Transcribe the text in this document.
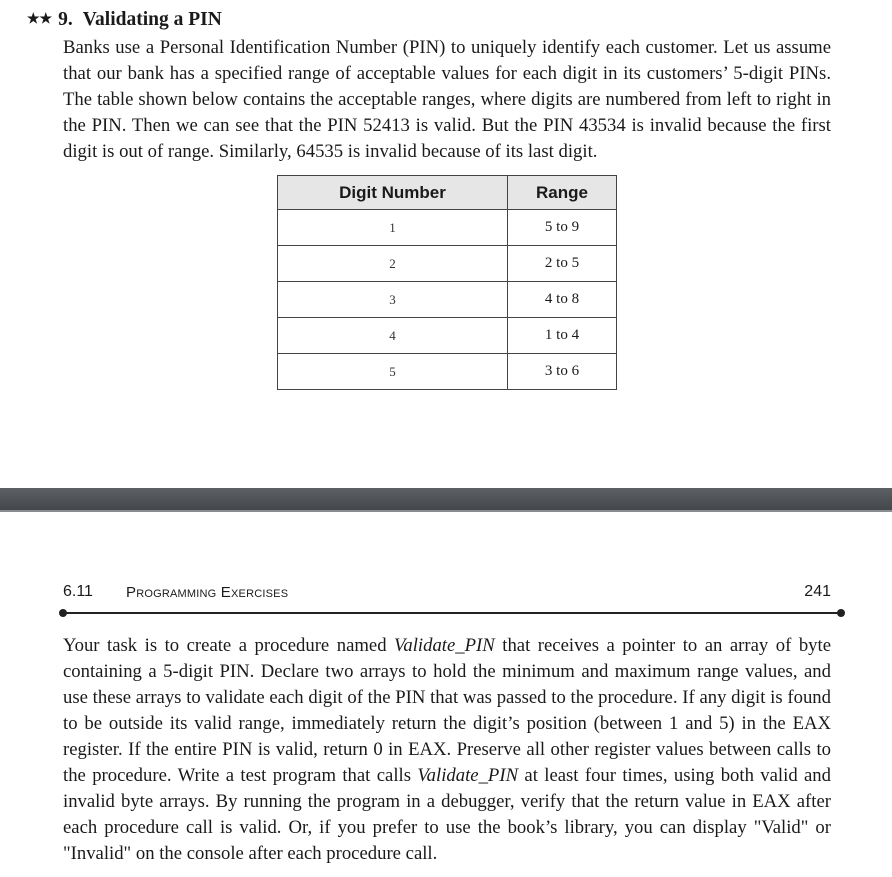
★★ 9. Validating a PIN
Banks use a Personal Identification Number (PIN) to uniquely identify each customer. Let us assume that our bank has a specified range of acceptable values for each digit in its customers’ 5-digit PINs. The table shown below contains the acceptable ranges, where digits are numbered from left to right in the PIN. Then we can see that the PIN 52413 is valid. But the PIN 43534 is invalid because the first digit is out of range. Similarly, 64535 is invalid because of its last digit.
Digit Number	Range
1	5 to 9
2	2 to 5
3	4 to 8
4	1 to 4
5	3 to 6
6.11 Programming Exercises	241
Your task is to create a procedure named Validate_PIN that receives a pointer to an array of byte containing a 5-digit PIN. Declare two arrays to hold the minimum and maximum range values, and use these arrays to validate each digit of the PIN that was passed to the procedure. If any digit is found to be outside its valid range, immediately return the digit’s position (between 1 and 5) in the EAX register. If the entire PIN is valid, return 0 in EAX. Preserve all other register values between calls to the procedure. Write a test program that calls Validate_PIN at least four times, using both valid and invalid byte arrays. By running the program in a debugger, verify that the return value in EAX after each procedure call is valid. Or, if you prefer to use the book’s library, you can display "Valid" or "Invalid" on the console after each procedure call.
